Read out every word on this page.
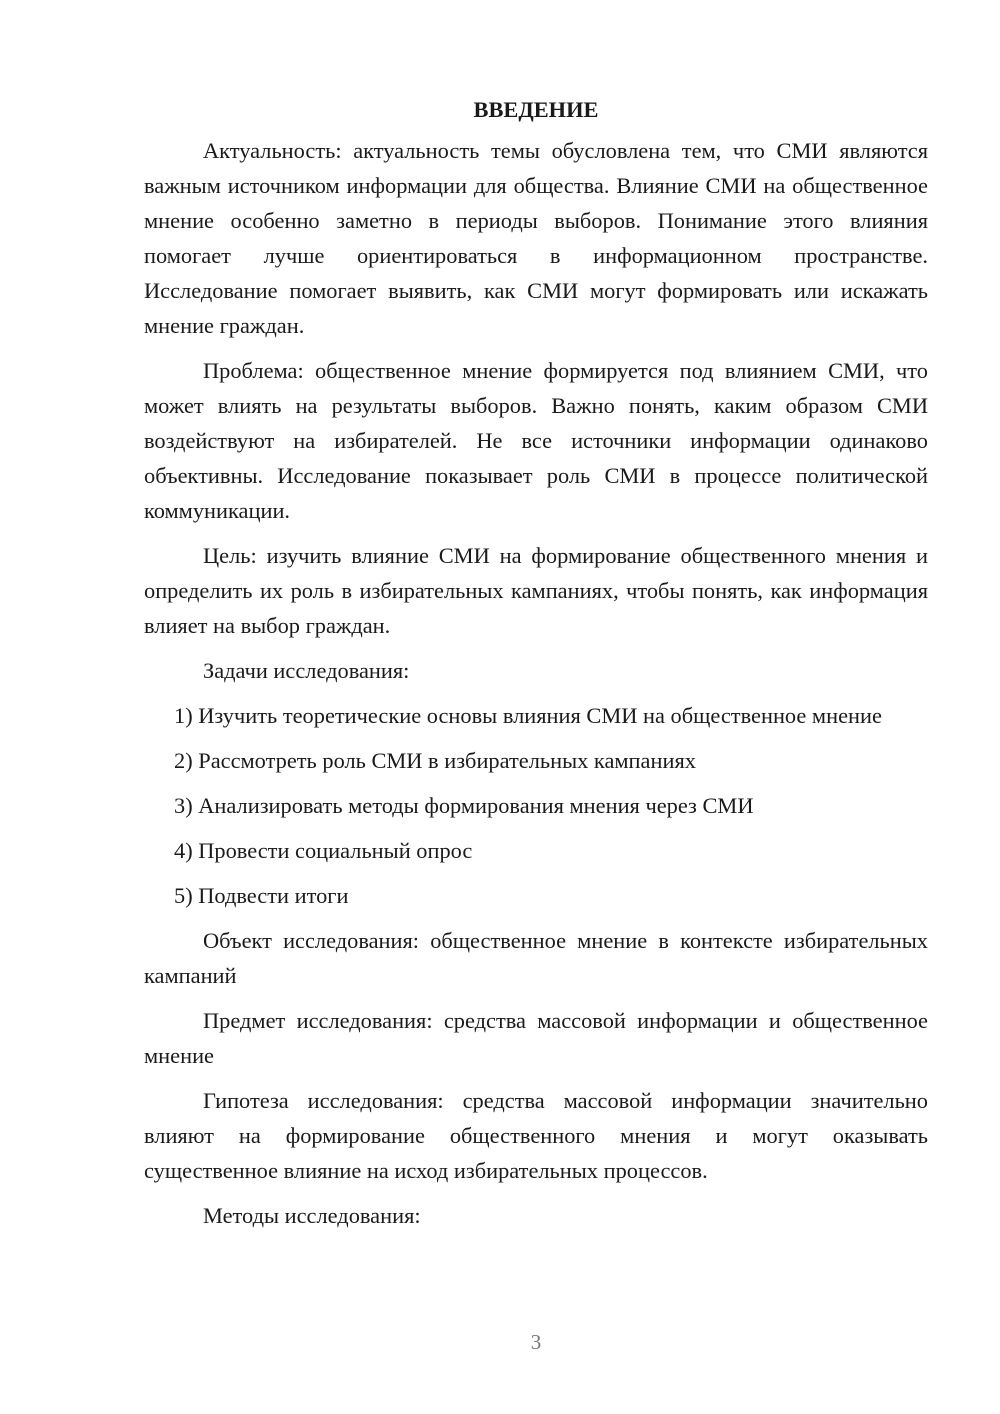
ВВЕДЕНИЕ

Актуальность: актуальность темы обусловлена тем, что СМИ являются важным источником информации для общества. Влияние СМИ на общественное мнение особенно заметно в периоды выборов. Понимание этого влияния помогает лучше ориентироваться в информационном пространстве. Исследование помогает выявить, как СМИ могут формировать или искажать мнение граждан.

Проблема: общественное мнение формируется под влиянием СМИ, что может влиять на результаты выборов. Важно понять, каким образом СМИ воздействуют на избирателей. Не все источники информации одинаково объективны. Исследование показывает роль СМИ в процессе политической коммуникации.

Цель: изучить влияние СМИ на формирование общественного мнения и определить их роль в избирательных кампаниях, чтобы понять, как информация влияет на выбор граждан.

Задачи исследования:

1) Изучить теоретические основы влияния СМИ на общественное мнение

2) Рассмотреть роль СМИ в избирательных кампаниях

3) Анализировать методы формирования мнения через СМИ

4) Провести социальный опрос

5) Подвести итоги

Объект исследования: общественное мнение в контексте избирательных кампаний

Предмет исследования: средства массовой информации и общественное мнение

Гипотеза исследования: средства массовой информации значительно влияют на формирование общественного мнения и могут оказывать существенное влияние на исход избирательных процессов.

Методы исследования:

3
